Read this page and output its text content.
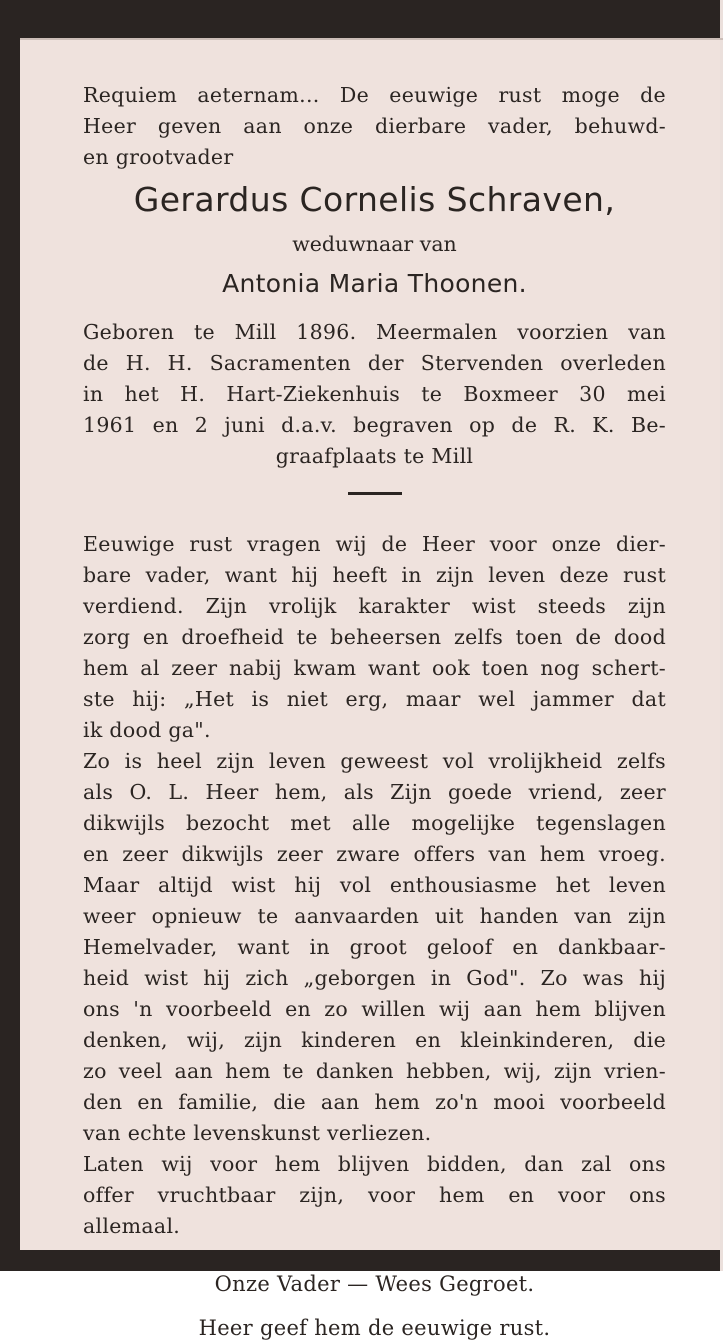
Requiem aeternam... De eeuwige rust moge de
Heer geven aan onze dierbare vader, behuwd-
en grootvader

Gerardus Cornelis Schraven,
weduwnaar van
Antonia Maria Thoonen.

Geboren te Mill 1896. Meermalen voorzien van
de H. H. Sacramenten der Stervenden overleden
in het H. Hart-Ziekenhuis te Boxmeer 30 mei
1961 en 2 juni d.a.v. begraven op de R. K. Be-
graafplaats te Mill

Eeuwige rust vragen wij de Heer voor onze dier-
bare vader, want hij heeft in zijn leven deze rust
verdiend. Zijn vrolijk karakter wist steeds zijn
zorg en droefheid te beheersen zelfs toen de dood
hem al zeer nabij kwam want ook toen nog schert-
ste hij: „Het is niet erg, maar wel jammer dat
ik dood ga".
Zo is heel zijn leven geweest vol vrolijkheid zelfs
als O. L. Heer hem, als Zijn goede vriend, zeer
dikwijls bezocht met alle mogelijke tegenslagen
en zeer dikwijls zeer zware offers van hem vroeg.
Maar altijd wist hij vol enthousiasme het leven
weer opnieuw te aanvaarden uit handen van zijn
Hemelvader, want in groot geloof en dankbaar-
heid wist hij zich „geborgen in God". Zo was hij
ons 'n voorbeeld en zo willen wij aan hem blijven
denken, wij, zijn kinderen en kleinkinderen, die
zo veel aan hem te danken hebben, wij, zijn vrien-
den en familie, die aan hem zo'n mooi voorbeeld
van echte levenskunst verliezen.
Laten wij voor hem blijven bidden, dan zal ons
offer vruchtbaar zijn, voor hem en voor ons
allemaal.

Onze Vader — Wees Gegroet.

Heer geef hem de eeuwige rust.
